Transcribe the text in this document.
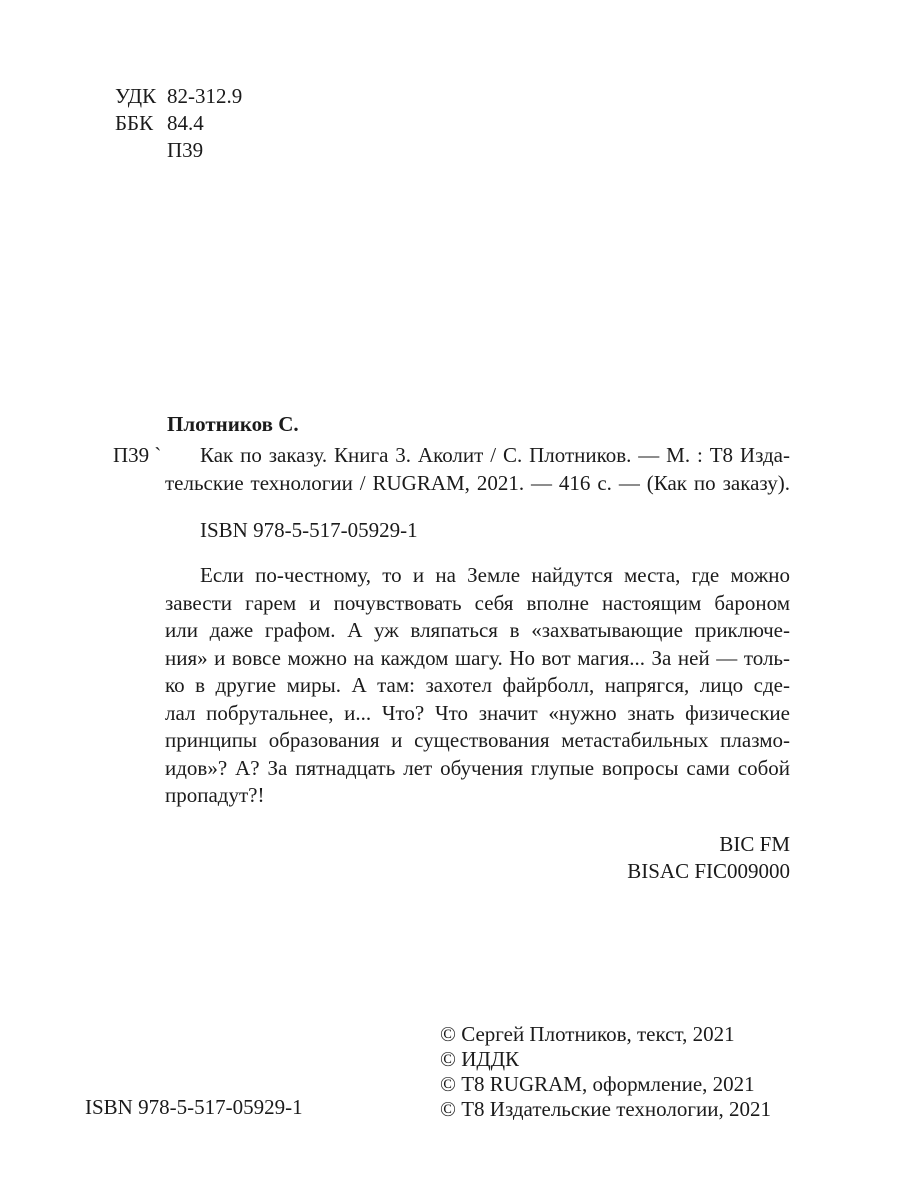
УДК 82-312.9
ББК 84.4
П39
Плотников С.
П39 `	Как по заказу. Книга 3. Аколит / С. Плотников. — М. : Т8 Изда-
тельские технологии / RUGRAM, 2021. — 416 с. — (Как по заказу).
ISBN 978-5-517-05929-1
Если по-честному, то и на Земле найдутся места, где можно
завести гарем и почувствовать себя вполне настоящим бароном
или даже графом. А уж вляпаться в «захватывающие приключе-
ния» и вовсе можно на каждом шагу. Но вот магия... За ней — толь-
ко в другие миры. А там: захотел файрболл, напрягся, лицо сде-
лал побрутальнее, и... Что? Что значит «нужно знать физические
принципы образования и существования метастабильных плазмо-
идов»? А? За пятнадцать лет обучения глупые вопросы сами собой
пропадут?!
BIC FM
BISAC FIC009000
© Сергей Плотников, текст, 2021
© ИДДК
© Т8 RUGRAM, оформление, 2021
© Т8 Издательские технологии, 2021
ISBN 978-5-517-05929-1
